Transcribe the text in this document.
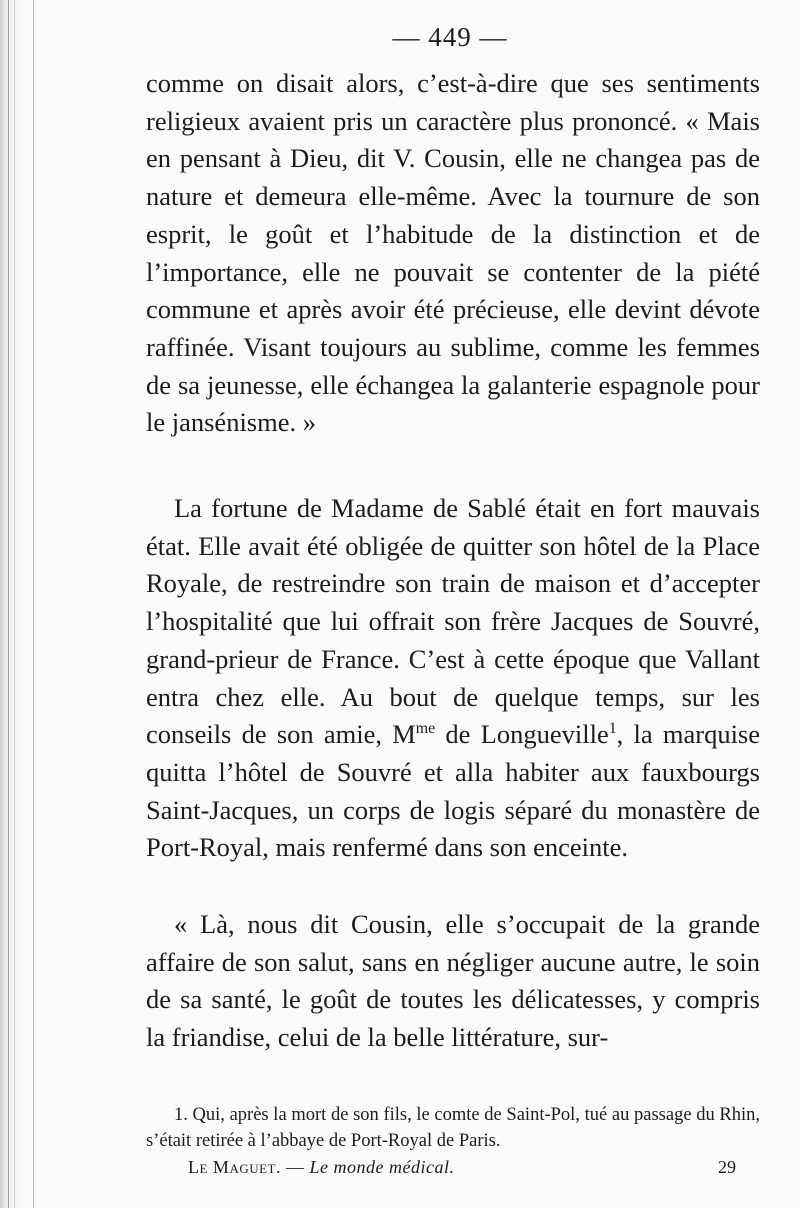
— 449 —

comme on disait alors, c’est-à-dire que ses sentiments religieux avaient pris un caractère plus prononcé. « Mais en pensant à Dieu, dit V. Cousin, elle ne changea pas de nature et demeura elle-même. Avec la tournure de son esprit, le goût et l’habitude de la distinction et de l’importance, elle ne pouvait se contenter de la piété commune et après avoir été précieuse, elle devint dévote raffinée. Visant toujours au sublime, comme les femmes de sa jeunesse, elle échangea la galanterie espagnole pour le jansénisme. »

La fortune de Madame de Sablé était en fort mauvais état. Elle avait été obligée de quitter son hôtel de la Place Royale, de restreindre son train de maison et d’accepter l’hospitalité que lui offrait son frère Jacques de Souvré, grand-prieur de France. C’est à cette époque que Vallant entra chez elle. Au bout de quelque temps, sur les conseils de son amie, $M^{me}$ de Longueville$^1$, la marquise quitta l’hôtel de Souvré et alla habiter aux fauxbourgs Saint-Jacques, un corps de logis séparé du monastère de Port-Royal, mais renfermé dans son enceinte.

« Là, nous dit Cousin, elle s’occupait de la grande affaire de son salut, sans en négliger aucune autre, le soin de sa santé, le goût de toutes les délicatesses, y compris la friandise, celui de la belle littérature, sur-

1. Qui, après la mort de son fils, le comte de Saint-Pol, tué au passage du Rhin, s’était retirée à l’abbaye de Port-Royal de Paris.

Le Maguet. — Le monde médical.	29
